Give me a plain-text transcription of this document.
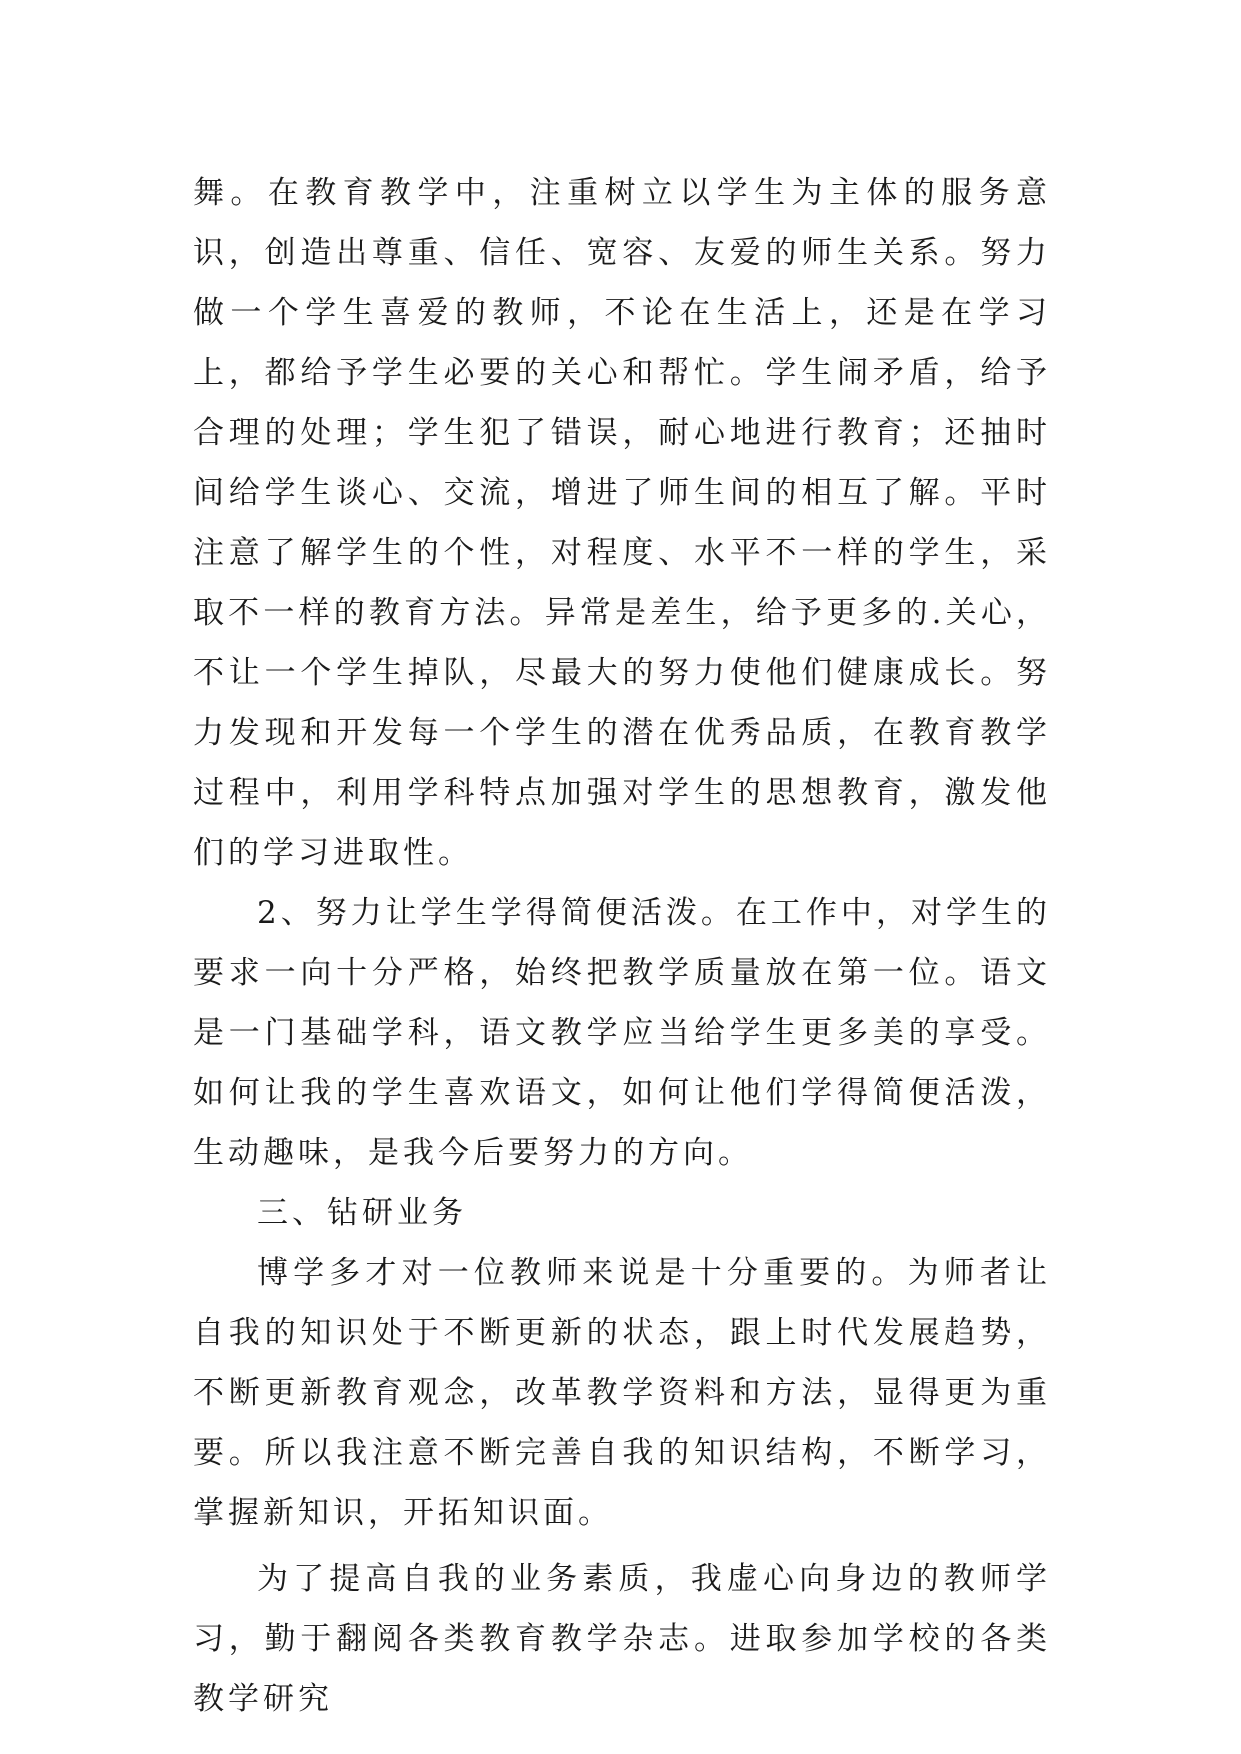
舞。在教育教学中，注重树立以学生为主体的服务意识，创造出尊重、信任、宽容、友爱的师生关系。努力做一个学生喜爱的教师，不论在生活上，还是在学习上，都给予学生必要的关心和帮忙。学生闹矛盾，给予合理的处理；学生犯了错误，耐心地进行教育；还抽时间给学生谈心、交流，增进了师生间的相互了解。平时注意了解学生的个性，对程度、水平不一样的学生，采取不一样的教育方法。异常是差生，给予更多的.关心，不让一个学生掉队，尽最大的努力使他们健康成长。努力发现和开发每一个学生的潜在优秀品质，在教育教学过程中，利用学科特点加强对学生的思想教育，激发他们的学习进取性。

2、努力让学生学得简便活泼。在工作中，对学生的要求一向十分严格，始终把教学质量放在第一位。语文是一门基础学科，语文教学应当给学生更多美的享受。如何让我的学生喜欢语文，如何让他们学得简便活泼，生动趣味，是我今后要努力的方向。

三、钻研业务

博学多才对一位教师来说是十分重要的。为师者让自我的知识处于不断更新的状态，跟上时代发展趋势，不断更新教育观念，改革教学资料和方法，显得更为重要。所以我注意不断完善自我的知识结构，不断学习，掌握新知识，开拓知识面。

为了提高自我的业务素质，我虚心向身边的教师学习，勤于翻阅各类教育教学杂志。进取参加学校的各类教学研究
